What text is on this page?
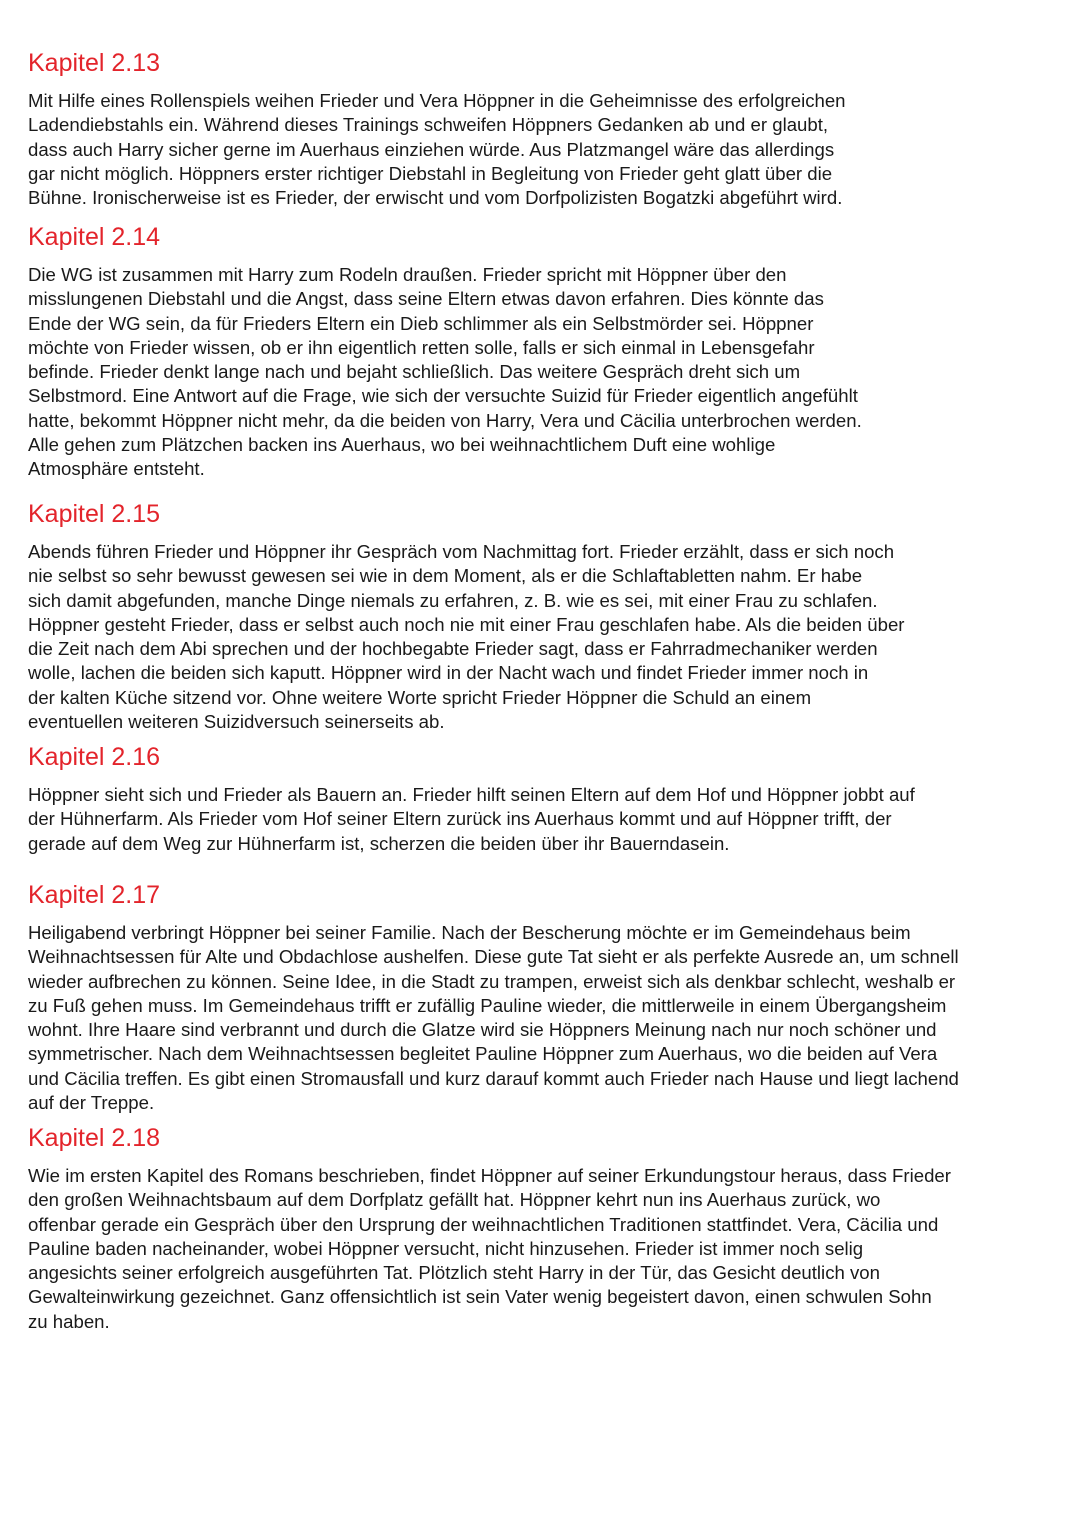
Kapitel 2.13

Mit Hilfe eines Rollenspiels weihen Frieder und Vera Höppner in die Geheimnisse des erfolgreichen
Ladendiebstahls ein. Während dieses Trainings schweifen Höppners Gedanken ab und er glaubt,
dass auch Harry sicher gerne im Auerhaus einziehen würde. Aus Platzmangel wäre das allerdings
gar nicht möglich. Höppners erster richtiger Diebstahl in Begleitung von Frieder geht glatt über die
Bühne. Ironischerweise ist es Frieder, der erwischt und vom Dorfpolizisten Bogatzki abgeführt wird.

Kapitel 2.14

Die WG ist zusammen mit Harry zum Rodeln draußen. Frieder spricht mit Höppner über den
misslungenen Diebstahl und die Angst, dass seine Eltern etwas davon erfahren. Dies könnte das
Ende der WG sein, da für Frieders Eltern ein Dieb schlimmer als ein Selbstmörder sei. Höppner
möchte von Frieder wissen, ob er ihn eigentlich retten solle, falls er sich einmal in Lebensgefahr
befinde. Frieder denkt lange nach und bejaht schließlich. Das weitere Gespräch dreht sich um
Selbstmord. Eine Antwort auf die Frage, wie sich der versuchte Suizid für Frieder eigentlich angefühlt
hatte, bekommt Höppner nicht mehr, da die beiden von Harry, Vera und Cäcilia unterbrochen werden.
Alle gehen zum Plätzchen backen ins Auerhaus, wo bei weihnachtlichem Duft eine wohlige
Atmosphäre entsteht.

Kapitel 2.15

Abends führen Frieder und Höppner ihr Gespräch vom Nachmittag fort. Frieder erzählt, dass er sich noch
nie selbst so sehr bewusst gewesen sei wie in dem Moment, als er die Schlaftabletten nahm. Er habe
sich damit abgefunden, manche Dinge niemals zu erfahren, z. B. wie es sei, mit einer Frau zu schlafen.
Höppner gesteht Frieder, dass er selbst auch noch nie mit einer Frau geschlafen habe. Als die beiden über
die Zeit nach dem Abi sprechen und der hochbegabte Frieder sagt, dass er Fahrradmechaniker werden
wolle, lachen die beiden sich kaputt. Höppner wird in der Nacht wach und findet Frieder immer noch in
der kalten Küche sitzend vor. Ohne weitere Worte spricht Frieder Höppner die Schuld an einem
eventuellen weiteren Suizidversuch seinerseits ab.

Kapitel 2.16

Höppner sieht sich und Frieder als Bauern an. Frieder hilft seinen Eltern auf dem Hof und Höppner jobbt auf
der Hühnerfarm. Als Frieder vom Hof seiner Eltern zurück ins Auerhaus kommt und auf Höppner trifft, der
gerade auf dem Weg zur Hühnerfarm ist, scherzen die beiden über ihr Bauerndasein.

Kapitel 2.17

Heiligabend verbringt Höppner bei seiner Familie. Nach der Bescherung möchte er im Gemeindehaus beim
Weihnachtsessen für Alte und Obdachlose aushelfen. Diese gute Tat sieht er als perfekte Ausrede an, um schnell
wieder aufbrechen zu können. Seine Idee, in die Stadt zu trampen, erweist sich als denkbar schlecht, weshalb er
zu Fuß gehen muss. Im Gemeindehaus trifft er zufällig Pauline wieder, die mittlerweile in einem Übergangsheim
wohnt. Ihre Haare sind verbrannt und durch die Glatze wird sie Höppners Meinung nach nur noch schöner und
symmetrischer. Nach dem Weihnachtsessen begleitet Pauline Höppner zum Auerhaus, wo die beiden auf Vera
und Cäcilia treffen. Es gibt einen Stromausfall und kurz darauf kommt auch Frieder nach Hause und liegt lachend
auf der Treppe.

Kapitel 2.18

Wie im ersten Kapitel des Romans beschrieben, findet Höppner auf seiner Erkundungstour heraus, dass Frieder
den großen Weihnachtsbaum auf dem Dorfplatz gefällt hat. Höppner kehrt nun ins Auerhaus zurück, wo
offenbar gerade ein Gespräch über den Ursprung der weihnachtlichen Traditionen stattfindet. Vera, Cäcilia und
Pauline baden nacheinander, wobei Höppner versucht, nicht hinzusehen. Frieder ist immer noch selig
angesichts seiner erfolgreich ausgeführten Tat. Plötzlich steht Harry in der Tür, das Gesicht deutlich von
Gewalteinwirkung gezeichnet. Ganz offensichtlich ist sein Vater wenig begeistert davon, einen schwulen Sohn
zu haben.
